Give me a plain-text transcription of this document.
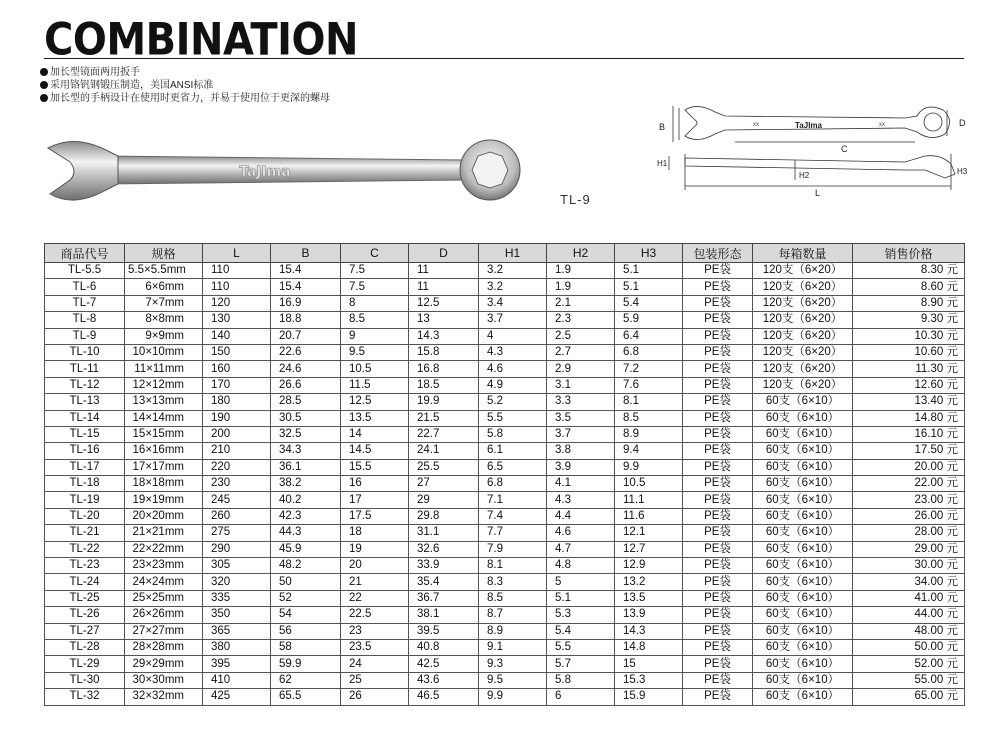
COMBINATION
加长型镜面两用扳手
采用铬钒钢锻压制造，美国ANSI标准
加长型的手柄设计在使用时更省力，并易于使用位于更深的螺母
TaJIma
TL-9
B	D
C
TaJIma
xx	xx
H1
H2	H3
L
商品代号	规格	L	B	C	D	H1	H2	H3	包装形态	每箱数量	销售价格
TL-5.5	5.5×5.5mm	110	15.4	7.5	11	3.2	1.9	5.1	PE袋	120支（6×20）	8.30 元
TL-6	6×6mm	110	15.4	7.5	11	3.2	1.9	5.1	PE袋	120支（6×20）	8.60 元
TL-7	7×7mm	120	16.9	8	12.5	3.4	2.1	5.4	PE袋	120支（6×20）	8.90 元
TL-8	8×8mm	130	18.8	8.5	13	3.7	2.3	5.9	PE袋	120支（6×20）	9.30 元
TL-9	9×9mm	140	20.7	9	14.3	4	2.5	6.4	PE袋	120支（6×20）	10.30 元
TL-10	10×10mm	150	22.6	9.5	15.8	4.3	2.7	6.8	PE袋	120支（6×20）	10.60 元
TL-11	11×11mm	160	24.6	10.5	16.8	4.6	2.9	7.2	PE袋	120支（6×20）	11.30 元
TL-12	12×12mm	170	26.6	11.5	18.5	4.9	3.1	7.6	PE袋	120支（6×20）	12.60 元
TL-13	13×13mm	180	28.5	12.5	19.9	5.2	3.3	8.1	PE袋	60支（6×10）	13.40 元
TL-14	14×14mm	190	30.5	13.5	21.5	5.5	3.5	8.5	PE袋	60支（6×10）	14.80 元
TL-15	15×15mm	200	32.5	14	22.7	5.8	3.7	8.9	PE袋	60支（6×10）	16.10 元
TL-16	16×16mm	210	34.3	14.5	24.1	6.1	3.8	9.4	PE袋	60支（6×10）	17.50 元
TL-17	17×17mm	220	36.1	15.5	25.5	6.5	3.9	9.9	PE袋	60支（6×10）	20.00 元
TL-18	18×18mm	230	38.2	16	27	6.8	4.1	10.5	PE袋	60支（6×10）	22.00 元
TL-19	19×19mm	245	40.2	17	29	7.1	4.3	11.1	PE袋	60支（6×10）	23.00 元
TL-20	20×20mm	260	42.3	17.5	29.8	7.4	4.4	11.6	PE袋	60支（6×10）	26.00 元
TL-21	21×21mm	275	44.3	18	31.1	7.7	4.6	12.1	PE袋	60支（6×10）	28.00 元
TL-22	22×22mm	290	45.9	19	32.6	7.9	4.7	12.7	PE袋	60支（6×10）	29.00 元
TL-23	23×23mm	305	48.2	20	33.9	8.1	4.8	12.9	PE袋	60支（6×10）	30.00 元
TL-24	24×24mm	320	50	21	35.4	8.3	5	13.2	PE袋	60支（6×10）	34.00 元
TL-25	25×25mm	335	52	22	36.7	8.5	5.1	13.5	PE袋	60支（6×10）	41.00 元
TL-26	26×26mm	350	54	22.5	38.1	8.7	5.3	13.9	PE袋	60支（6×10）	44.00 元
TL-27	27×27mm	365	56	23	39.5	8.9	5.4	14.3	PE袋	60支（6×10）	48.00 元
TL-28	28×28mm	380	58	23.5	40.8	9.1	5.5	14.8	PE袋	60支（6×10）	50.00 元
TL-29	29×29mm	395	59.9	24	42.5	9.3	5.7	15	PE袋	60支（6×10）	52.00 元
TL-30	30×30mm	410	62	25	43.6	9.5	5.8	15.3	PE袋	60支（6×10）	55.00 元
TL-32	32×32mm	425	65.5	26	46.5	9.9	6	15.9	PE袋	60支（6×10）	65.00 元
